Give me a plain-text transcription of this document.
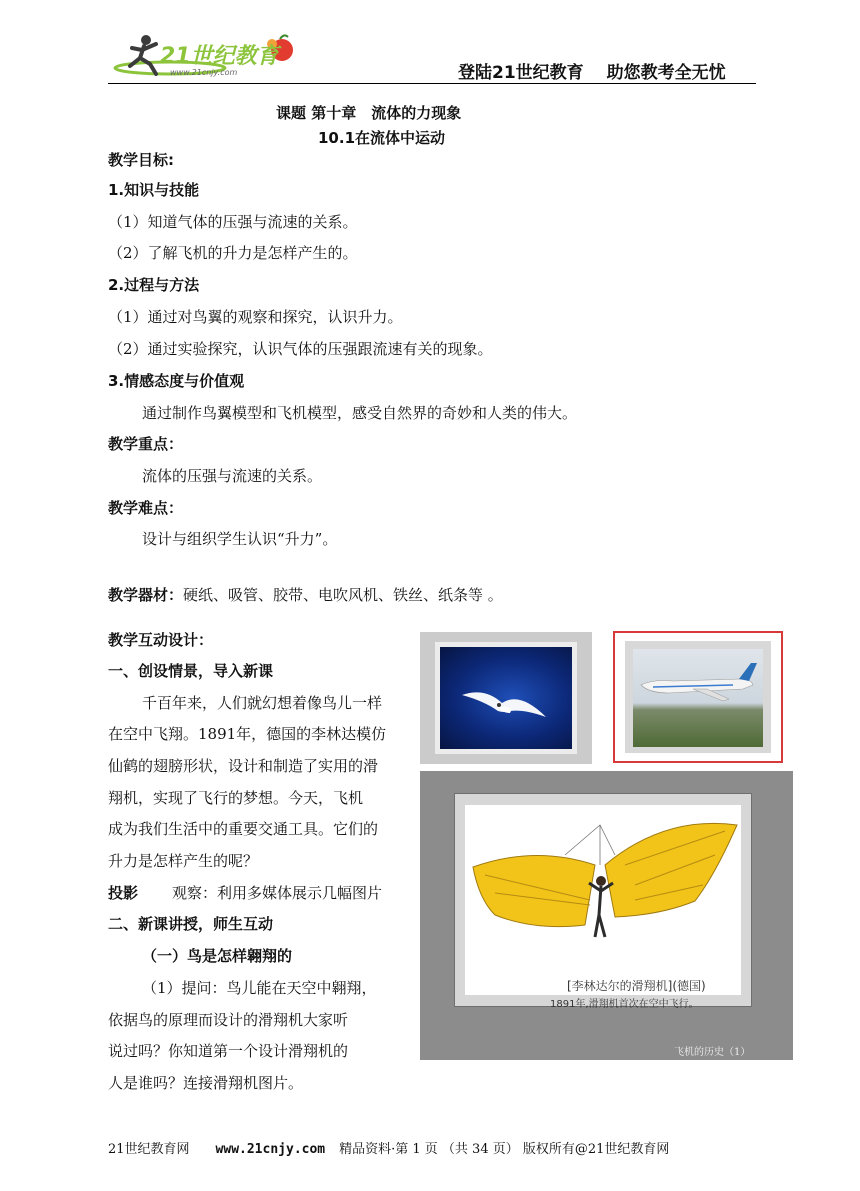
21世纪教育
www.21cnjy.com	登陆21世纪教育　 助您教考全无忧
课题 第十章　流体的力现象
10.1在流体中运动
教学目标:
1.知识与技能
（1）知道气体的压强与流速的关系。
（2）了解飞机的升力是怎样产生的。
2.过程与方法
（1）通过对鸟翼的观察和探究，认识升力。
（2）通过实验探究，认识气体的压强跟流速有关的现象。
3.情感态度与价值观
通过制作鸟翼模型和飞机模型，感受自然界的奇妙和人类的伟大。
教学重点：
流体的压强与流速的关系。
教学难点：
设计与组织学生认识“升力”。
教学器材：硬纸、吸管、胶带、电吹风机、铁丝、纸条等 。
教学互动设计：
一、创设情景，导入新课
千百年来，人们就幻想着像鸟儿一样
在空中飞翔。1891年，德国的李林达模仿
仙鹤的翅膀形状，设计和制造了实用的滑
翔机，实现了飞行的梦想。今天，飞机
成为我们生活中的重要交通工具。它们的
升力是怎样产生的呢？
投影 观察：利用多媒体展示几幅图片
二、新课讲授，师生互动
（一）鸟是怎样翱翔的
（1）提问：鸟儿能在天空中翱翔，
依据鸟的原理而设计的滑翔机大家听
说过吗？你知道第一个设计滑翔机的
人是谁吗？连接滑翔机图片。
[李林达尔的滑翔机](德国)
1891年,滑翔机首次在空中飞行。
飞机的历史（1）
21世纪教育网 www.21cnjy.com 精品资料·第 1 页 （共 34 页） 版权所有@21世纪教育网
